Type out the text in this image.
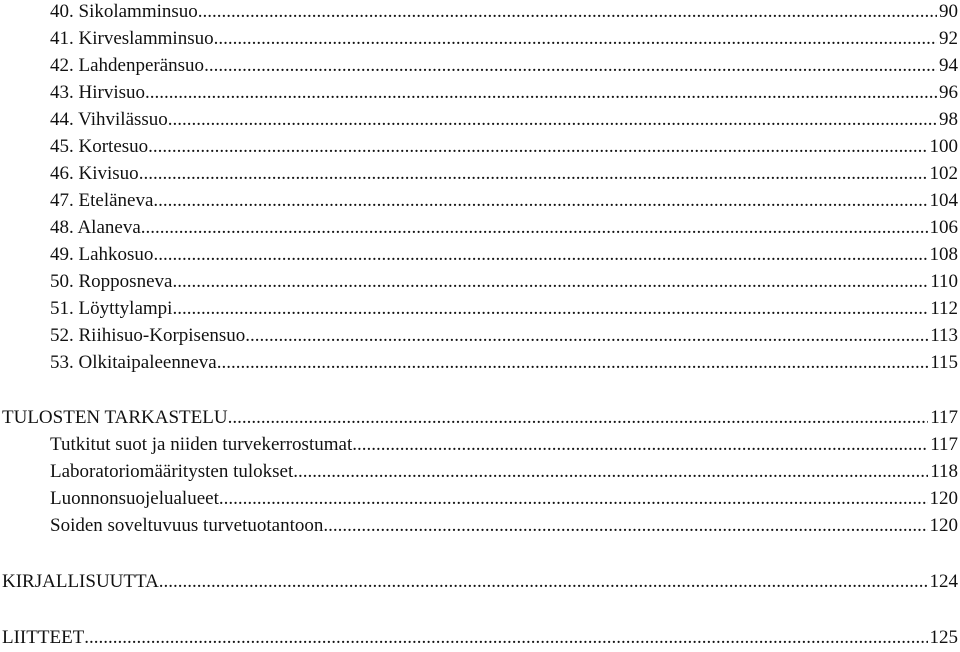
40. Sikolamminsuo .....	90
41. Kirveslamminsuo .....	92
42. Lahdenperänsuo .....	94
43. Hirvisuo .....	96
44. Vihvilässuo .....	98
45. Kortesuo .....	100
46. Kivisuo .....	102
47. Eteläneva .....	104
48. Alaneva .....	106
49. Lahkosuo .....	108
50. Ropposneva .....	110
51. Löyttylampi .....	112
52. Riihisuo-Korpisensuo .....	113
53. Olkitaipaleenneva .....	115
TULOSTEN TARKASTELU .....	117
Tutkitut suot ja niiden turvekerrostumat .....	117
Laboratoriomääritysten tulokset .....	118
Luonnonsuojelualueet .....	120
Soiden soveltuvuus turvetuotantoon .....	120
KIRJALLISUUTTA .....	124
LIITTEET .....	125
